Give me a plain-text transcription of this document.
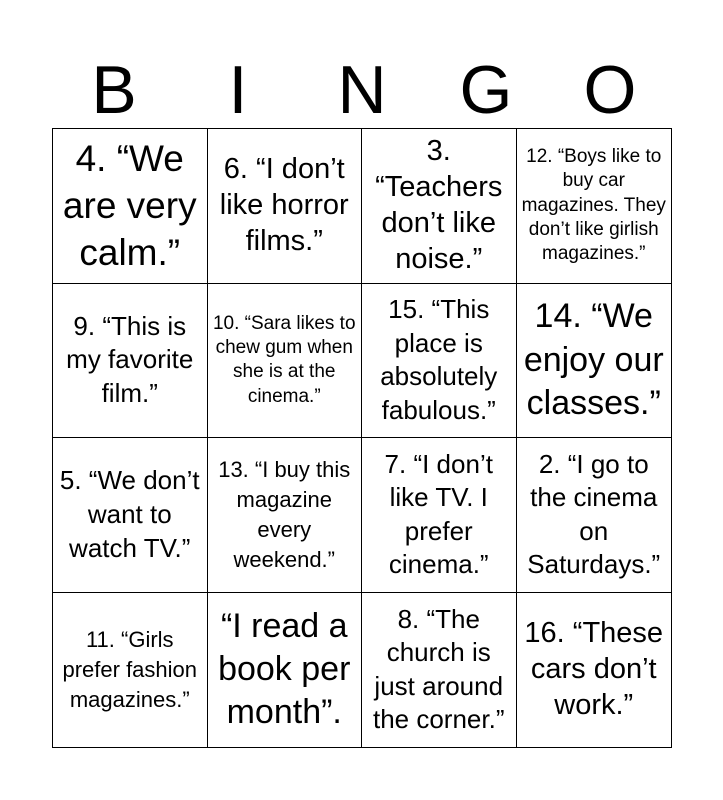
B	I	N	G	O
4. “We are very calm.”
6. “I don’t like horror films.”
3. “Teachers don’t like noise.”
12. “Boys like to buy car magazines. They don’t like girlish magazines.”
9. “This is my favorite film.”
10. “Sara likes to chew gum when she is at the cinema.”
15. “This place is absolutely fabulous.”
14. “We enjoy our classes.”
5. “We don’t want to watch TV.”
13. “I buy this magazine every weekend.”
7. “I don’t like TV. I prefer cinema.”
2. “I go to the cinema on Saturdays.”
11. “Girls prefer fashion magazines.”
“I read a book per month”.
8. “The church is just around the corner.”
16. “These cars don’t work.”
